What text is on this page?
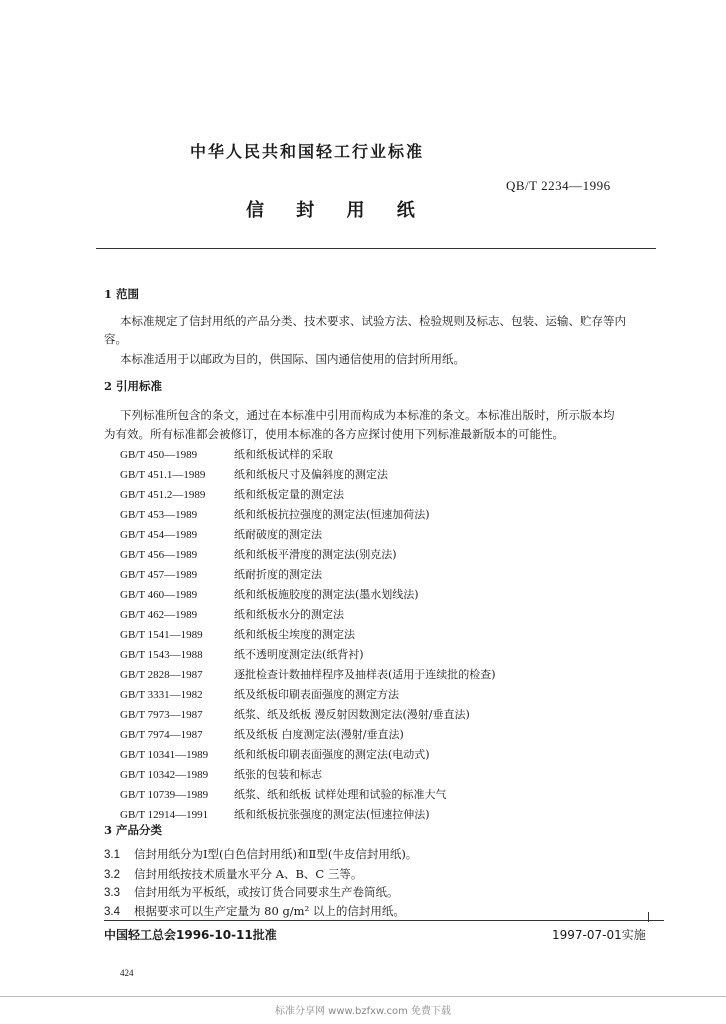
中华人民共和国轻工行业标准
QB/T 2234—1996
信 封 用 纸
1 范围
本标准规定了信封用纸的产品分类、技术要求、试验方法、检验规则及标志、包装、运输、贮存等内
容。
本标准适用于以邮政为目的，供国际、国内通信使用的信封所用纸。
2 引用标准
下列标准所包含的条文，通过在本标准中引用而构成为本标准的条文。本标准出版时，所示版本均
为有效。所有标准都会被修订，使用本标准的各方应探讨使用下列标准最新版本的可能性。
GB/T 450—1989	纸和纸板试样的采取
GB/T 451.1—1989	纸和纸板尺寸及偏斜度的测定法
GB/T 451.2—1989	纸和纸板定量的测定法
GB/T 453—1989	纸和纸板抗拉强度的测定法(恒速加荷法)
GB/T 454—1989	纸耐破度的测定法
GB/T 456—1989	纸和纸板平滑度的测定法(别克法)
GB/T 457—1989	纸耐折度的测定法
GB/T 460—1989	纸和纸板施胶度的测定法(墨水划线法)
GB/T 462—1989	纸和纸板水分的测定法
GB/T 1541—1989	纸和纸板尘埃度的测定法
GB/T 1543—1988	纸不透明度测定法(纸背衬)
GB/T 2828—1987	逐批检查计数抽样程序及抽样表(适用于连续批的检查)
GB/T 3331—1982	纸及纸板印刷表面强度的测定方法
GB/T 7973—1987	纸浆、纸及纸板 漫反射因数测定法(漫射/垂直法)
GB/T 7974—1987	纸及纸板 白度测定法(漫射/垂直法)
GB/T 10341—1989 纸和纸板印刷表面强度的测定法(电动式)
GB/T 10342—1989 纸张的包装和标志
GB/T 10739—1989 纸浆、纸和纸板 试样处理和试验的标准大气
GB/T 12914—1991 纸和纸板抗张强度的测定法(恒速拉伸法)
3 产品分类
3.1 信封用纸分为Ⅰ型(白色信封用纸)和Ⅱ型(牛皮信封用纸)。
3.2 信封用纸按技术质量水平分 A、B、C 三等。
3.3 信封用纸为平板纸，或按订货合同要求生产卷筒纸。
3.4 根据要求可以生产定量为 80 g/m² 以上的信封用纸。
中国轻工总会1996-10-11批准	1997-07-01实施
424
标准分享网 www.bzfxw.com 免费下载
